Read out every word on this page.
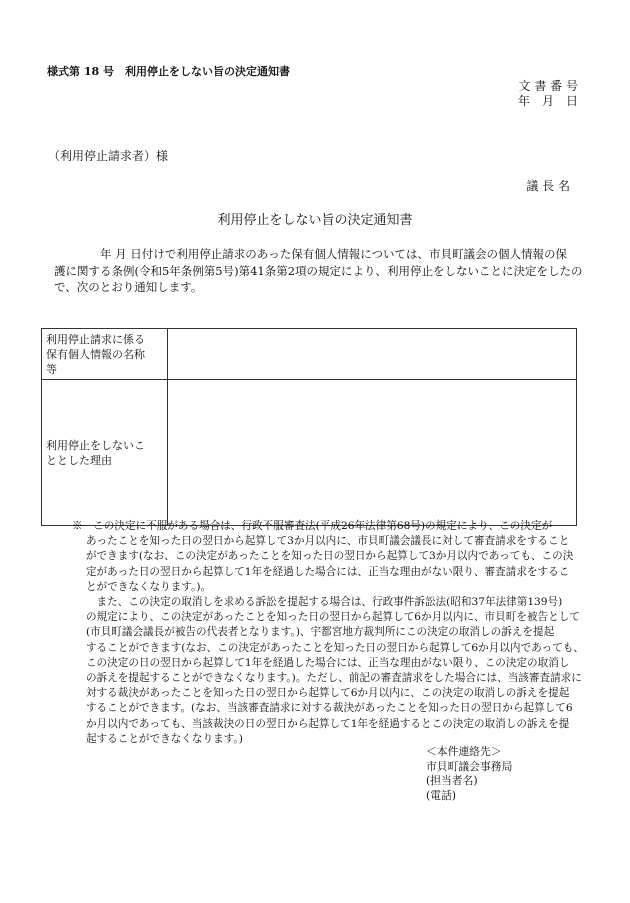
様式第 18 号　利用停止をしない旨の決定通知書

文 書 番 号
年　月　日

（利用停止請求者）様

議 長 名

利用停止をしない旨の決定通知書

　　　　年 月 日付けで利用停止請求のあった保有個人情報については、市貝町議会の個人情報の保
護に関する条例(令和5年条例第5号)第41条第2項の規定により、利用停止をしないことに決定をしたの
で、次のとおり通知します。
利用停止請求に係る
保有個人情報の名称
等	

利用停止をしないこ
ととした理由	

※　この決定に不服がある場合は、行政不服審査法(平成26年法律第68号)の規定により、この決定が
　 あったことを知った日の翌日から起算して3か月以内に、市貝町議会議長に対して審査請求をすること
　 ができます(なお、この決定があったことを知った日の翌日から起算して3か月以内であっても、この決
　 定があった日の翌日から起算して1年を経過した場合には、正当な理由がない限り、審査請求をするこ
　 とができなくなります。)。
　　 また、この決定の取消しを求める訴訟を提起する場合は、行政事件訴訟法(昭和37年法律第139号)
　 の規定により、この決定があったことを知った日の翌日から起算して6か月以内に、市貝町を被告として
　 (市貝町議会議長が被告の代表者となります。)、宇都宮地方裁判所にこの決定の取消しの訴えを提起
　 することができます(なお、この決定があったことを知った日の翌日から起算して6か月以内であっても、
　 この決定の日の翌日から起算して1年を経過した場合には、正当な理由がない限り、この決定の取消し
　 の訴えを提起することができなくなります。)。ただし、前記の審査請求をした場合には、当該審査請求に
　 対する裁決があったことを知った日の翌日から起算して6か月以内に、この決定の取消しの訴えを提起
　 することができます。(なお、当該審査請求に対する裁決があったことを知った日の翌日から起算して6
　 か月以内であっても、当該裁決の日の翌日から起算して1年を経過するとこの決定の取消しの訴えを提
　 起することができなくなります。)
＜本件連絡先＞
市貝町議会事務局
(担当者名)
(電話)
